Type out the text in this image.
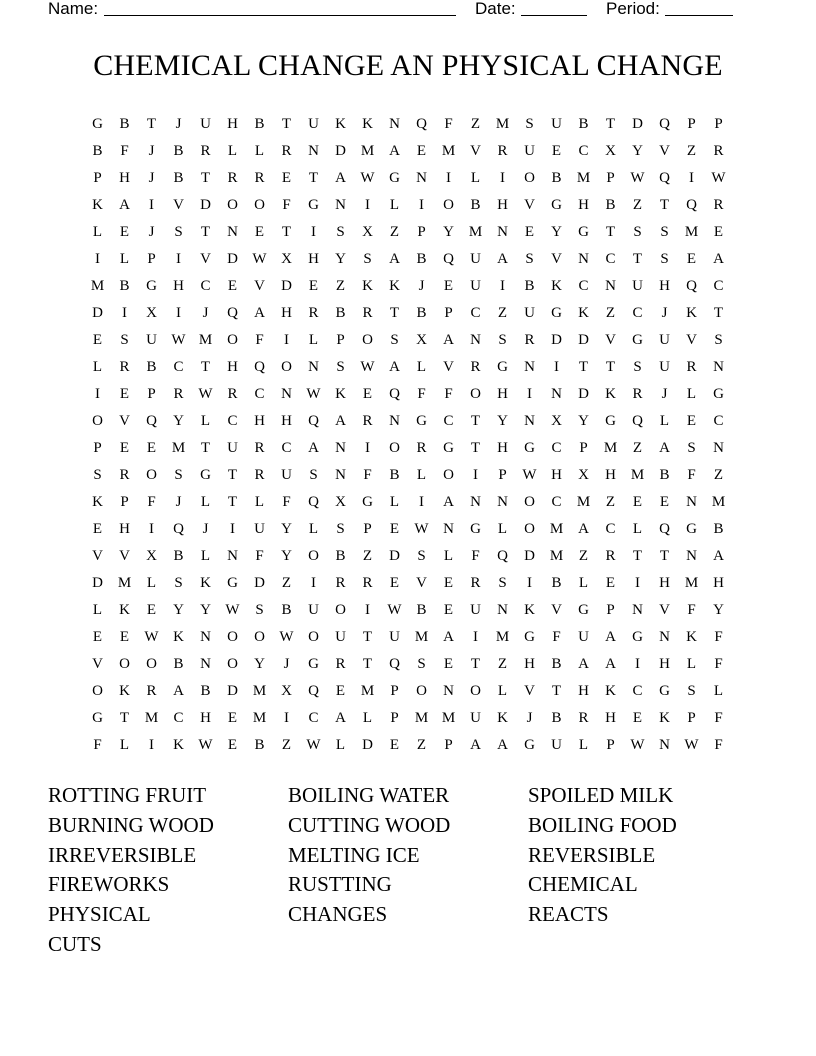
Name:	Date:	Period:
CHEMICAL CHANGE AN PHYSICAL CHANGE
G	B	T	J	U	H	B	T	U	K	K	N	Q	F	Z	M	S	U	B	T	D	Q	P	P
B	F	J	B	R	L	L	R	N	D M A	E	M V	R	U	E	C	X	Y	V	Z	R
P	H	J	B	T	R	R	E	T	A W G	N	I	L	I	O	B	M	P	W Q	I	W
K	A	I	V	D	O	O	F	G	N	I	L	I	O	B	H	V	G	H	B	Z	T	Q	R
L	E	J	S	T	N	E	T	I	S	X	Z	P	Y M N	E	Y	G	T	S	S	M	E
I	L	P	I	V	D W X	H	Y	S	A	B	Q	U	A	S	V	N	C	T	S	E	A
M	B	G	H	C	E	V	D	E	Z	K	K	J	E	U	I	B	K	C	N	U	H	Q	C
D	I	X	I	J	Q	A	H	R	B	R	T	B	P	C	Z	U	G	K	Z	C	J	K	T
E	S	U W M O	F	I	L	P	O	S	X	A	N	S	R	D	D	V	G	U	V	S
L	R	B	C	T	H	Q	O	N	S	W A	L	V	R	G	N	I	T	T	S	U	R	N
I	E	P	R W R	C	N W K	E	Q	F	F	O	H	I	N	D	K	R	J	L	G
O	V	Q	Y	L	C	H	H	Q	A	R	N	G	C	T	Y	N	X	Y	G	Q	L	E	C
P	E	E	M	T	U	R	C	A	N	I	O	R	G	T	H	G	C	P	M	Z	A	S	N
S	R	O	S	G	T	R	U	S	N	F	B	L	O	I	P	W H	X	H M	B	F	Z
K	P	F	J	L	T	L	F	Q	X	G	L	I	A	N	N	O	C	M	Z	E	E	N M
E	H	I	Q	J	I	U	Y	L	S	P	E	W N	G	L	O M A	C	L	Q	G	B
V	V	X	B	L	N	F	Y	O	B	Z	D	S	L	F	Q	D M	Z	R	T	T	N	A
D M	L	S	K	G	D	Z	I	R	R	E	V	E	R	S	I	B	L	E	I	H M H
L	K	E	Y	Y W	S	B	U	O	I	W B	E	U	N	K	V	G	P	N	V	F	Y
E	E	W K	N	O	O W O	U	T	U M A	I	M G	F	U	A	G	N	K	F
V	O	O	B	N	O	Y	J	G	R	T	Q	S	E	T	Z	H	B	A	A	I	H	L	F
O	K	R	A	B	D M X	Q	E	M	P	O	N	O	L	V	T	H	K	C	G	S	L
G	T	M	C	H	E	M	I	C	A	L	P	M M U	K	J	B	R	H	E	K	P	F
F	L	I	K W	E	B	Z	W	L	D	E	Z	P	A	A	G	U	L	P	W N W	F
ROTTING FRUIT	BOILING WATER	SPOILED MILK
BURNING WOOD	CUTTING WOOD	BOILING FOOD
IRREVERSIBLE	MELTING ICE	REVERSIBLE
FIREWORKS	RUSTTING	CHEMICAL
PHYSICAL	CHANGES	REACTS
CUTS
